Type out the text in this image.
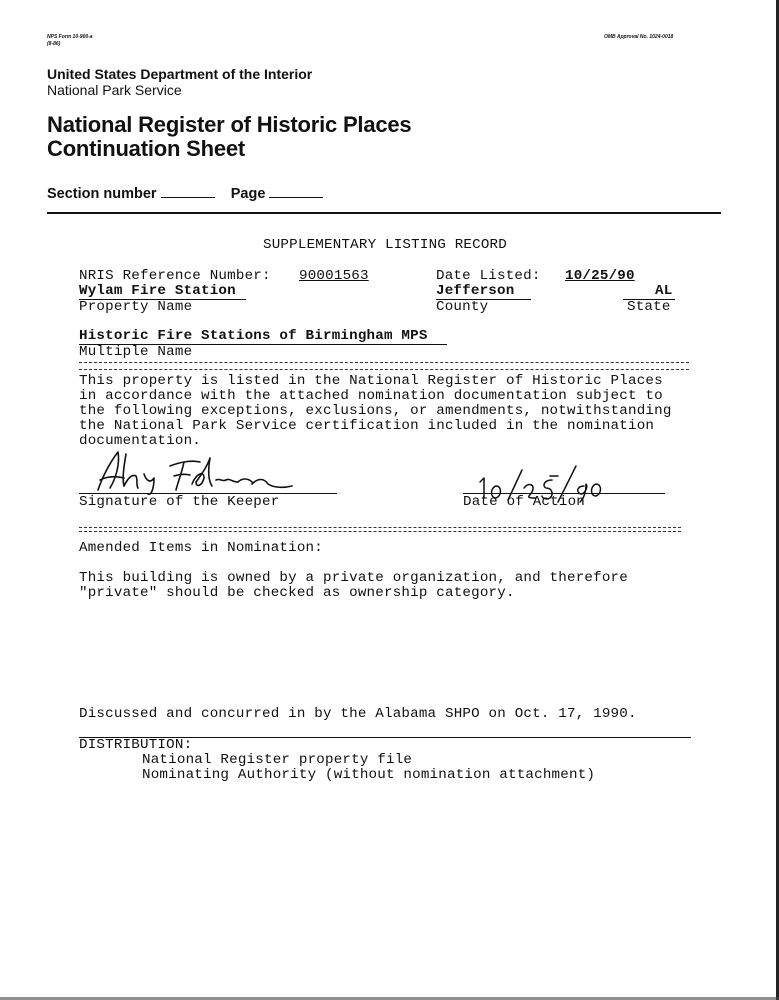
NPS Form 10-900-a
(8-86)
OMB Approval No. 1024-0018
United States Department of the Interior
National Park Service
National Register of Historic Places
Continuation Sheet
Section number	Page
SUPPLEMENTARY LISTING RECORD
NRIS Reference Number: 90001563	Date Listed: 10/25/90
Wylam Fire Station	Jefferson	AL
Property Name	County	State
Historic Fire Stations of Birmingham MPS
Multiple Name
This property is listed in the National Register of Historic Places
in accordance with the attached nomination documentation subject to
the following exceptions, exclusions, or amendments, notwithstanding
the National Park Service certification included in the nomination
documentation.
Signature of the Keeper	Date of Action
Amended Items in Nomination:
This building is owned by a private organization, and therefore
"private" should be checked as ownership category.
Discussed and concurred in by the Alabama SHPO on Oct. 17, 1990.
DISTRIBUTION:
National Register property file
Nominating Authority (without nomination attachment)
